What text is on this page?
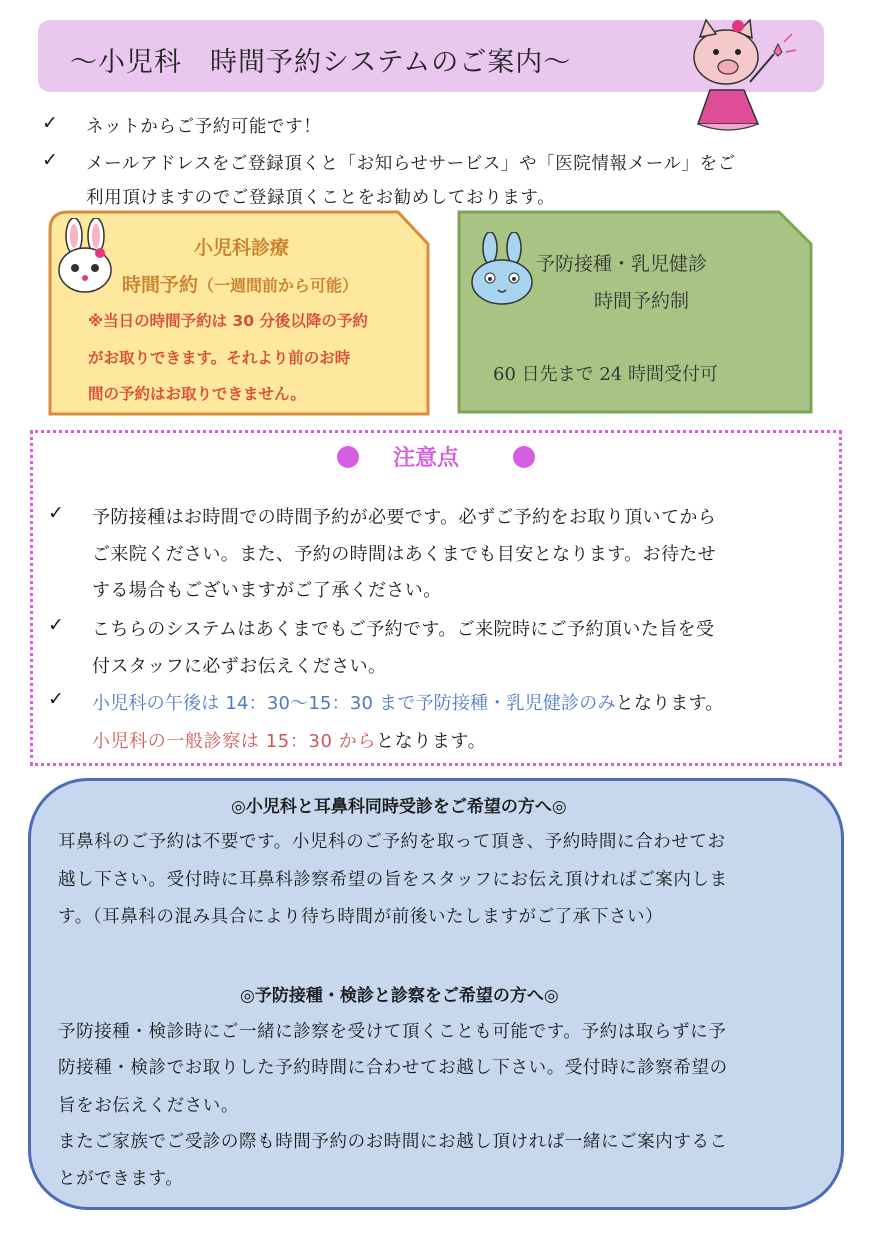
〜小児科　時間予約システムのご案内〜
✓ ネットからご予約可能です！
✓ メールアドレスをご登録頂くと「お知らせサービス」や「医院情報メール」をご
利用頂けますのでご登録頂くことをお勧めしております。
小児科診療
時間予約（一週間前から可能）
※当日の時間予約は 30 分後以降の予約
がお取りできます。それより前のお時
間の予約はお取りできません。
予防接種・乳児健診
時間予約制
60 日先まで 24 時間受付可
注意点
✓ 予防接種はお時間での時間予約が必要です。必ずご予約をお取り頂いてから
ご来院ください。また、予約の時間はあくまでも目安となります。お待たせ
する場合もございますがご了承ください。
✓ こちらのシステムはあくまでもご予約です。ご来院時にご予約頂いた旨を受
付スタッフに必ずお伝えください。
✓ 小児科の午後は 14：30〜15：30 まで予防接種・乳児健診のみとなります。
小児科の一般診察は 15：30 からとなります。
◎小児科と耳鼻科同時受診をご希望の方へ◎
耳鼻科のご予約は不要です。小児科のご予約を取って頂き、予約時間に合わせてお
越し下さい。受付時に耳鼻科診察希望の旨をスタッフにお伝え頂ければご案内しま
す。（耳鼻科の混み具合により待ち時間が前後いたしますがご了承下さい）
◎予防接種・検診と診察をご希望の方へ◎
予防接種・検診時にご一緒に診察を受けて頂くことも可能です。予約は取らずに予
防接種・検診でお取りした予約時間に合わせてお越し下さい。受付時に診察希望の
旨をお伝えください。
またご家族でご受診の際も時間予約のお時間にお越し頂ければ一緒にご案内するこ
とができます。
